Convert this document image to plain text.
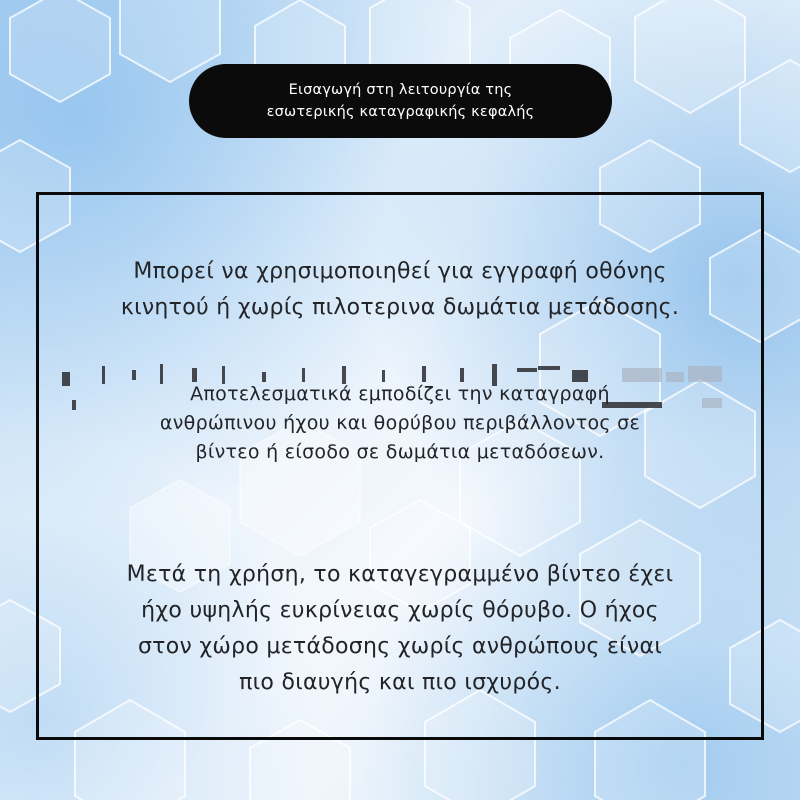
Εισαγωγή στη λειτουργία της
εσωτερικής καταγραφικής κεφαλής
Μπορεί να χρησιμοποιηθεί για εγγραφή οθόνης
κινητού ή χωρίς πιλοτερινα δωμάτια μετάδοσης.
Αποτελεσματικά εμποδίζει την καταγραφή
ανθρώπινου ήχου και θορύβου περιβάλλοντος σε
βίντεο ή είσοδο σε δωμάτια μεταδόσεων.
Μετά τη χρήση, το καταγεγραμμένο βίντεο έχει
ήχο υψηλής ευκρίνειας χωρίς θόρυβο. Ο ήχος
στον χώρο μετάδοσης χωρίς ανθρώπους είναι
πιο διαυγής και πιο ισχυρός.
